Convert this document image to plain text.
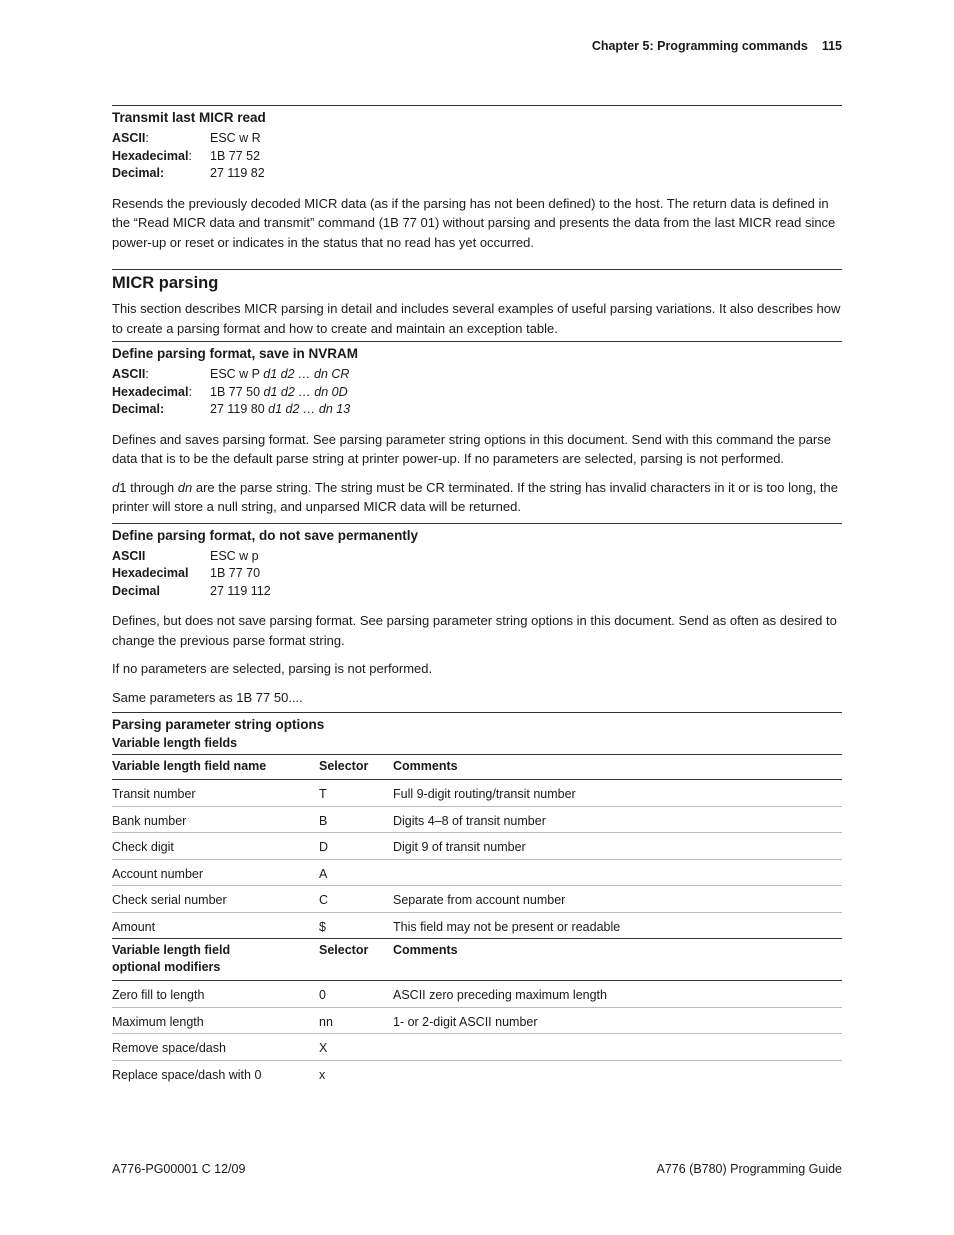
Chapter 5: Programming commands 115
Transmit last MICR read
ASCII:	ESC w R
Hexadecimal:	1B 77 52
Decimal:	27 119 82

Resends the previously decoded MICR data (as if the parsing has not been defined) to the host. The return data is defined in the “Read MICR data and transmit” command (1B 77 01) without parsing and presents the data from the last MICR read since power-up or reset or indicates in the status that no read has yet occurred.

MICR parsing

This section describes MICR parsing in detail and includes several examples of useful parsing variations. It also describes how to create a parsing format and how to create and maintain an exception table.

Define parsing format, save in NVRAM
ASCII:	ESC w P d1 d2 … dn CR
Hexadecimal:	1B 77 50 d1 d2 … dn 0D
Decimal:	27 119 80 d1 d2 … dn 13

Defines and saves parsing format. See parsing parameter string options in this document. Send with this command the parse data that is to be the default parse string at printer power-up. If no parameters are selected, parsing is not performed.

d1 through dn are the parse string. The string must be CR terminated. If the string has invalid characters in it or is too long, the printer will store a null string, and unparsed MICR data will be returned.

Define parsing format, do not save permanently
ASCII	ESC w p
Hexadecimal	1B 77 70
Decimal	27 119 112

Defines, but does not save parsing format. See parsing parameter string options in this document. Send as often as desired to change the previous parse format string.

If no parameters are selected, parsing is not performed.

Same parameters as 1B 77 50....

Parsing parameter string options
Variable length fields
Variable length field name	Selector	Comments
Transit number	T	Full 9-digit routing/transit number
Bank number	B	Digits 4–8 of transit number
Check digit	D	Digit 9 of transit number
Account number	A	
Check serial number	C	Separate from account number
Amount	$	This field may not be present or readable
Variable length field
optional modifiers	Selector	Comments
Zero fill to length	0	ASCII zero preceding maximum length
Maximum length	nn	1- or 2-digit ASCII number
Remove space/dash	X	
Replace space/dash with 0	x	
A776-PG00001 C 12/09	A776 (B780) Programming Guide
